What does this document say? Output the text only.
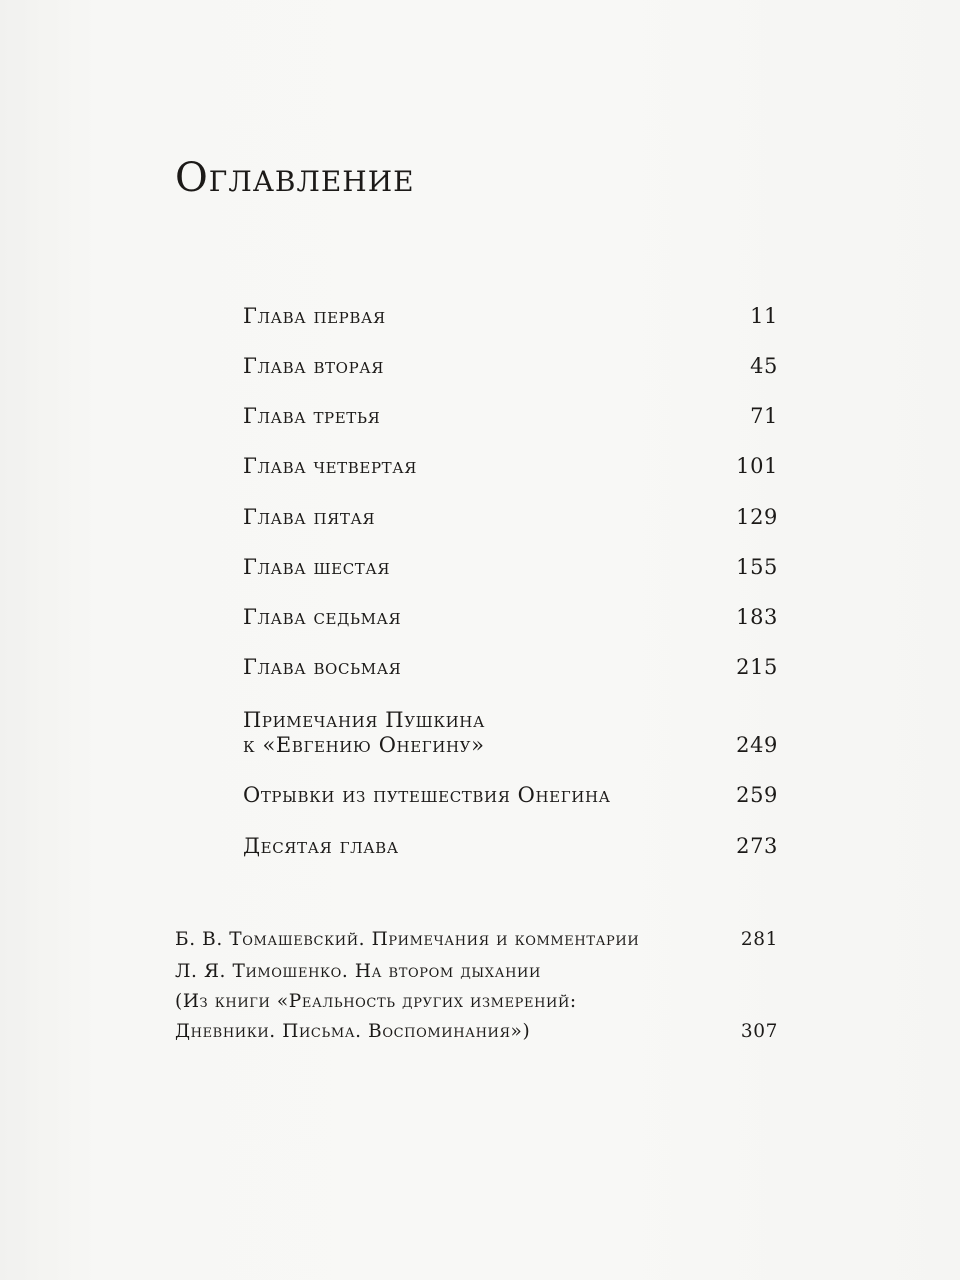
Оглавление
Глава первая	11
Глава вторая	45
Глава третья	71
Глава четвертая	101
Глава пятая	129
Глава шестая	155
Глава седьмая	183
Глава восьмая	215
Примечания Пушкина
к «Евгению Онегину»	249
Отрывки из путешествия Онегина	259
Десятая глава	273
Б. В. Томашевский. Примечания и комментарии	281
Л. Я. Тимошенко. На втором дыхании
(Из книги «Реальность других измерений:
Дневники. Письма. Воспоминания»)	307
